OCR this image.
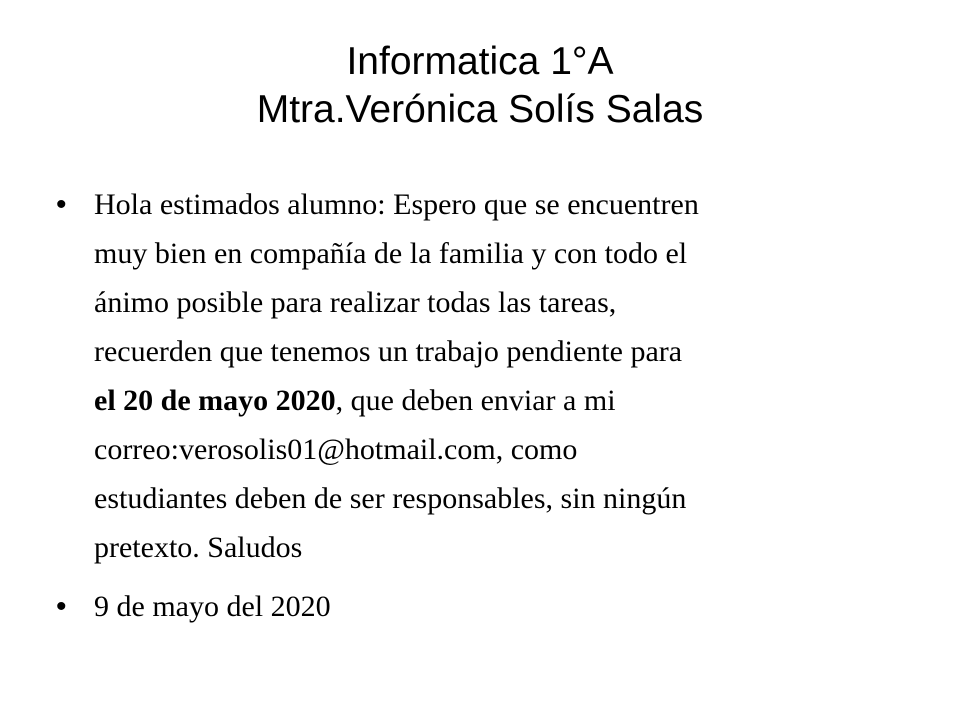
Informatica 1°A
Mtra.Verónica Solís Salas
• Hola estimados alumno: Espero que se encuentren
muy bien en compañía de la familia y con todo el
ánimo posible para realizar todas las tareas,
recuerden que tenemos un trabajo pendiente para
el 20 de mayo 2020, que deben enviar a mi
correo:verosolis01@hotmail.com, como
estudiantes deben de ser responsables, sin ningún
pretexto. Saludos
• 9 de mayo del 2020
